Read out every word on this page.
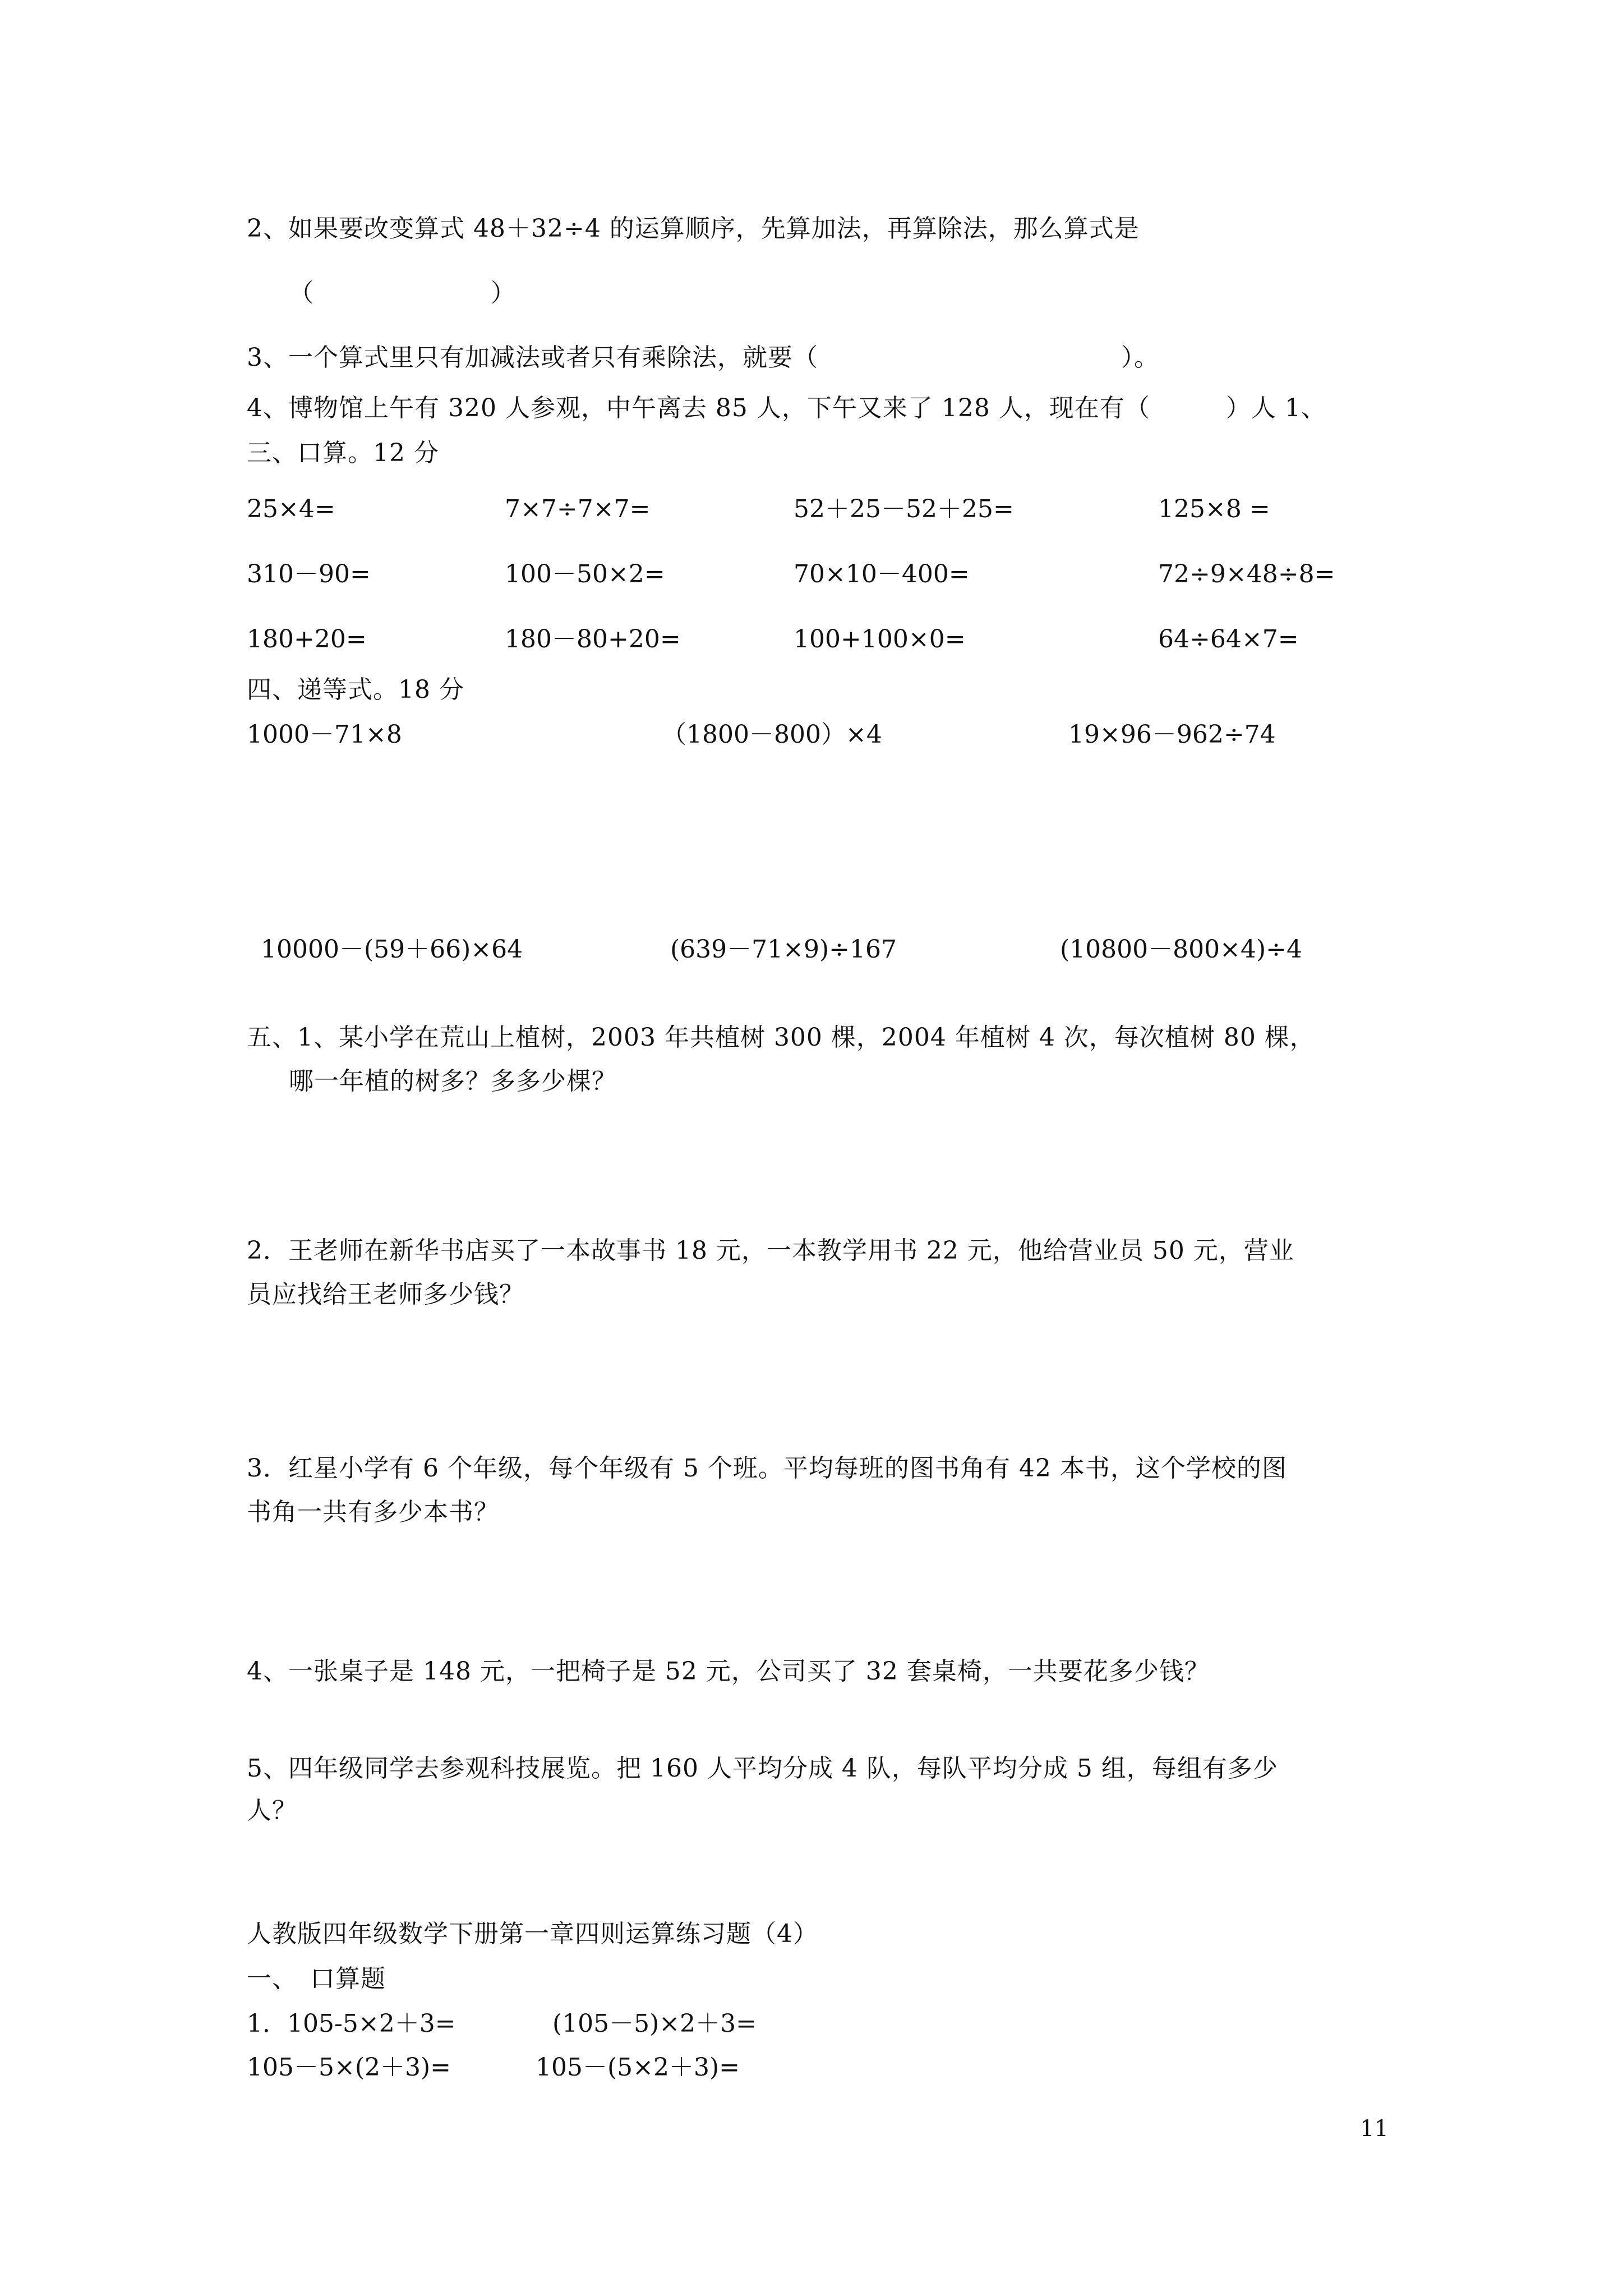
2、如果要改变算式 48＋32÷4 的运算顺序，先算加法，再算除法，那么算式是
（　　　　　　　）
3、一个算式里只有加减法或者只有乘除法，就要（　　　　　　　　　　　　）。
4、博物馆上午有 320 人参观，中午离去 85 人，下午又来了 128 人，现在有（　　　）人 1、
三、口算。12 分
25×4=	7×7÷7×7=	52＋25－52＋25=	125×8 =
310－90=	100－50×2=	70×10－400=	72÷9×48÷8=
180+20=	180－80+20=	100+100×0=	64÷64×7=
四、递等式。18 分
1000－71×8	（1800－800）×4	19×96－962÷74
10000－(59＋66)×64	(639－71×9)÷167	(10800－800×4)÷4
五、1、某小学在荒山上植树，2003 年共植树 300 棵，2004 年植树 4 次，每次植树 80 棵，
哪一年植的树多？多多少棵？
2．王老师在新华书店买了一本故事书 18 元，一本教学用书 22 元，他给营业员 50 元，营业
员应找给王老师多少钱？
3．红星小学有 6 个年级，每个年级有 5 个班。平均每班的图书角有 42 本书，这个学校的图
书角一共有多少本书？
4、一张桌子是 148 元，一把椅子是 52 元，公司买了 32 套桌椅，一共要花多少钱？
5、四年级同学去参观科技展览。把 160 人平均分成 4 队，每队平均分成 5 组，每组有多少
人？
人教版四年级数学下册第一章四则运算练习题（4）
一、　口算题
1．105-5×2＋3=	(105－5)×2＋3=
105－5×(2＋3)=	105－(5×2＋3)=
11
